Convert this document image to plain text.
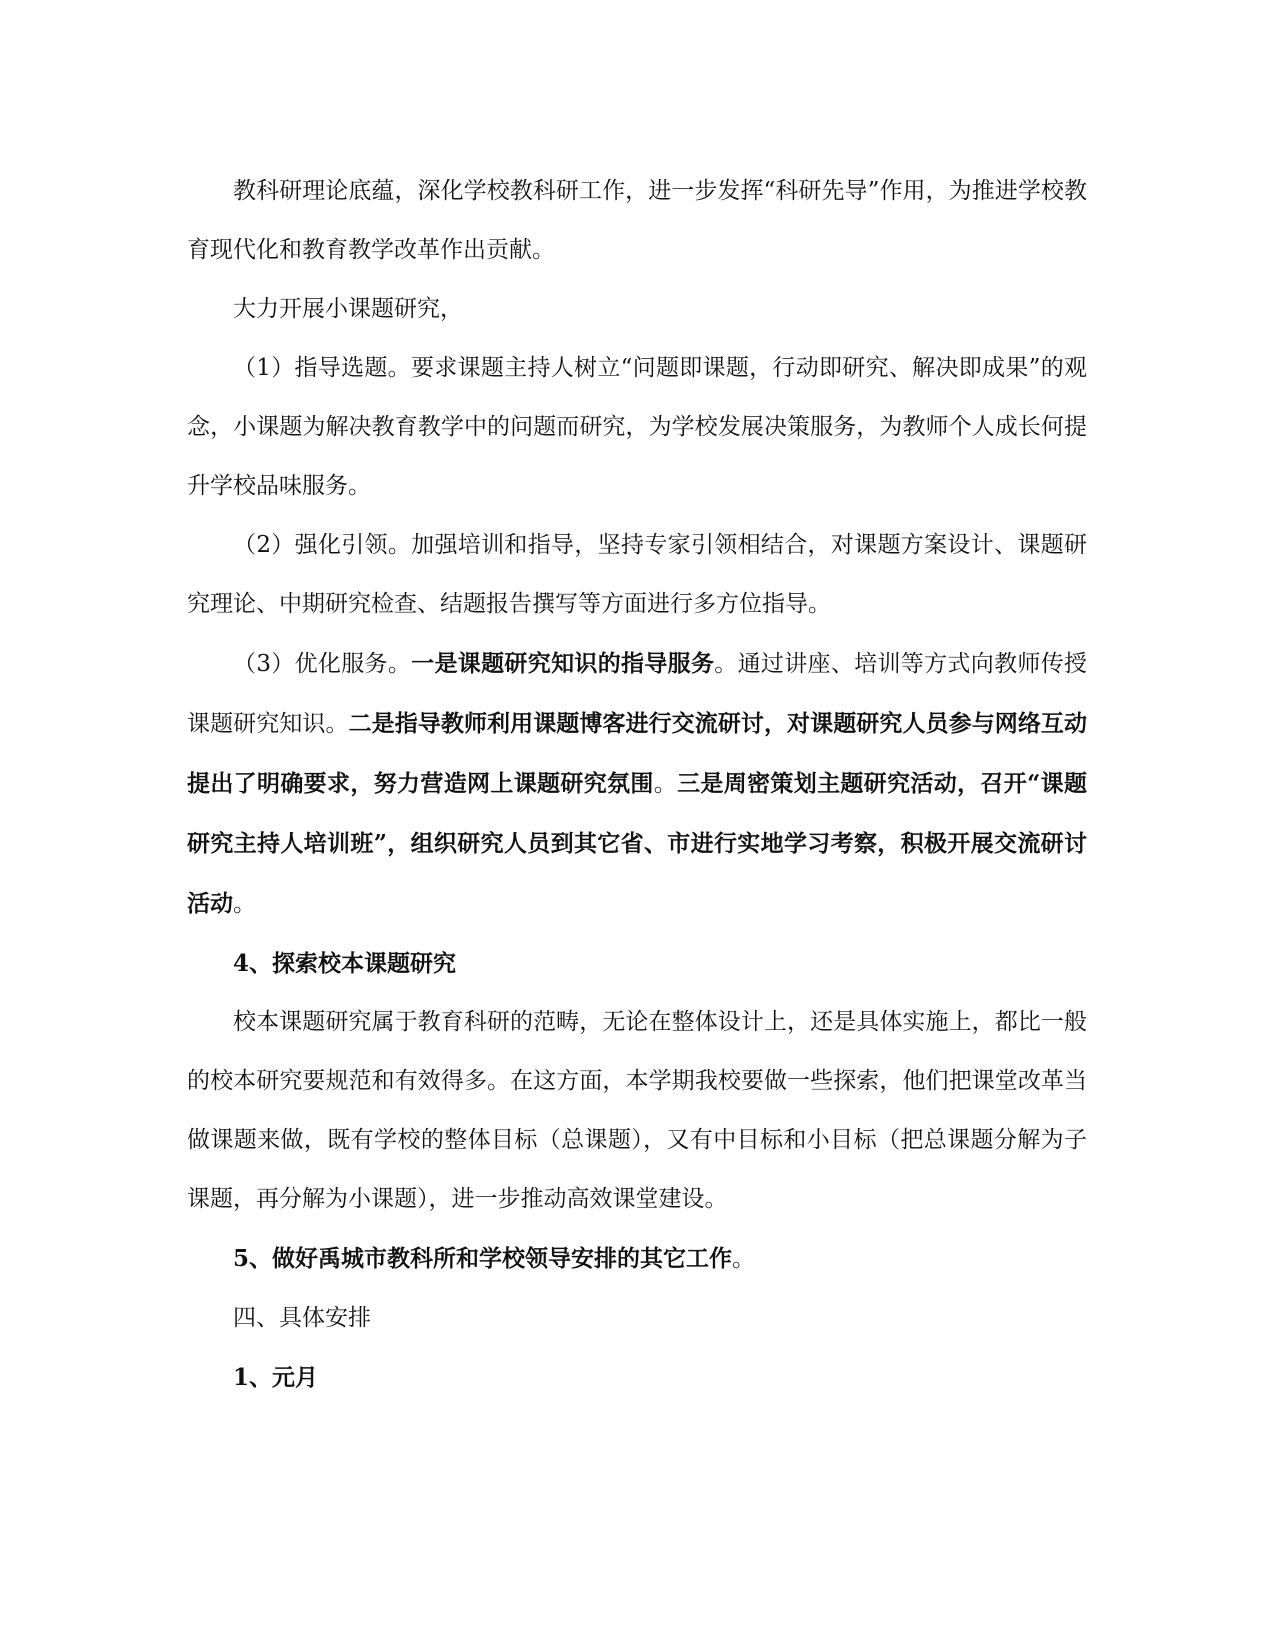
教科研理论底蕴，深化学校教科研工作，进一步发挥“科研先导”作用，为推进学校教育现代化和教育教学改革作出贡献。

大力开展小课题研究，

（1）指导选题。要求课题主持人树立“问题即课题，行动即研究、解决即成果”的观念，小课题为解决教育教学中的问题而研究，为学校发展决策服务，为教师个人成长何提升学校品味服务。

（2）强化引领。加强培训和指导，坚持专家引领相结合，对课题方案设计、课题研究理论、中期研究检查、结题报告撰写等方面进行多方位指导。

（3）优化服务。一是课题研究知识的指导服务。通过讲座、培训等方式向教师传授课题研究知识。二是指导教师利用课题博客进行交流研讨，对课题研究人员参与网络互动提出了明确要求，努力营造网上课题研究氛围。三是周密策划主题研究活动，召开“课题研究主持人培训班”，组织研究人员到其它省、市进行实地学习考察，积极开展交流研讨活动。

4、探索校本课题研究

校本课题研究属于教育科研的范畴，无论在整体设计上，还是具体实施上，都比一般的校本研究要规范和有效得多。在这方面，本学期我校要做一些探索，他们把课堂改革当做课题来做，既有学校的整体目标（总课题），又有中目标和小目标（把总课题分解为子课题，再分解为小课题），进一步推动高效课堂建设。

5、做好禹城市教科所和学校领导安排的其它工作。

四、具体安排

1、元月
